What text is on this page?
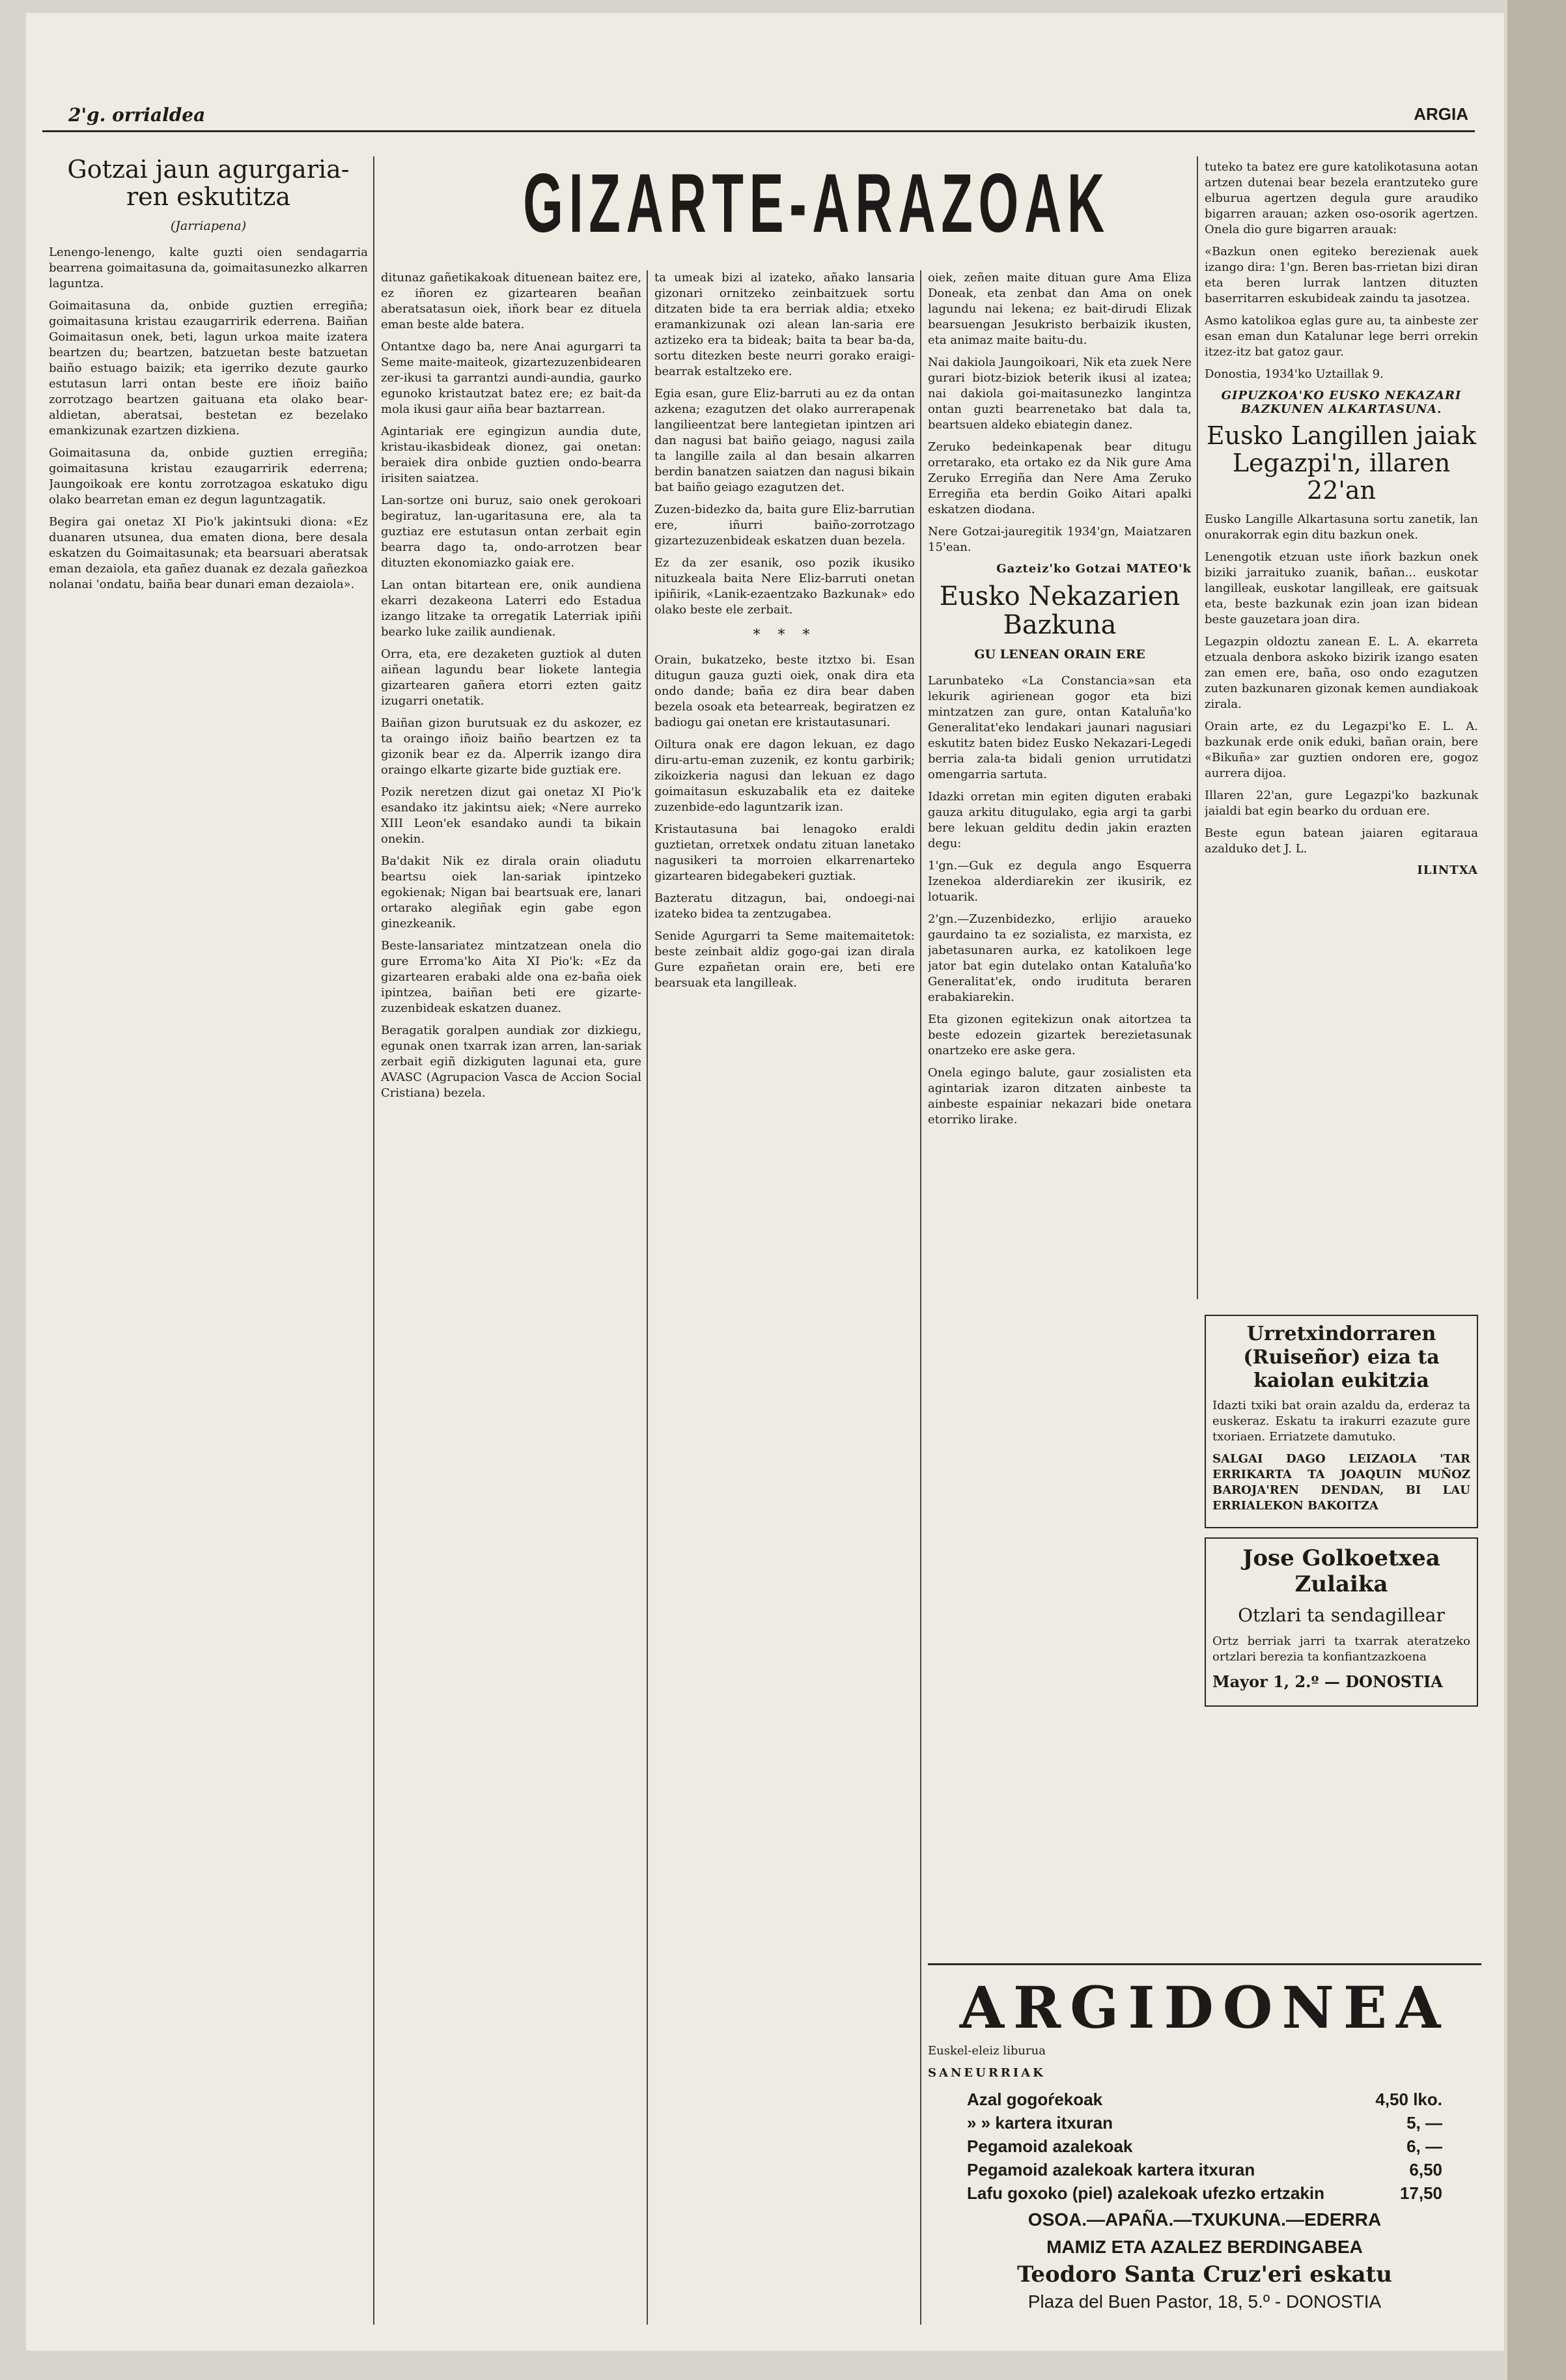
2'g. orrialdea	ARGIA
GIZARTE-ARAZOAK
Gotzai jaun agurgaria-ren eskutitza
(Jarriapena)

Lenengo-lenengo, kalte guzti oien sendagarria bearrena goimaitasuna da, goimaitasunezko alkarren laguntza.

Goimaitasuna da, onbide guztien erregiña; goimaitasuna kristau ezaugarririk ederrena. Baiñan Goimaitasun onek, beti, lagun urkoa maite izatera beartzen du; beartzen, batzuetan beste batzuetan baiño estuago baizik; eta igerriko dezute gaurko estutasun larri ontan beste ere iñoiz baiño zorrotzago beartzen gaituana eta olako bear-aldietan, aberatsai, bestetan ez bezelako emankizunak ezartzen dizkiena.

Goimaitasuna da, onbide guztien erregiña; goimaitasuna kristau ezaugarririk ederrena; Jaungoikoak ere kontu zorrotzagoa eskatuko digu olako bearretan eman ez degun laguntzagatik.

Begira gai onetaz XI Pio'k jakintsuki diona: «Ez duanaren utsunea, dua ematen diona, bere desala eskatzen du Goimaitasunak; eta bearsuari aberatsak eman dezaiola, eta gañez duanak ez dezala gañezkoa nolanai 'ondatu, baiña bear dunari eman dezaiola».

ditunaz gañetikakoak dituenean baitez ere, ez iñoren ez gizartearen beañan aberatsatasun oiek, iñork bear ez dituela eman beste alde batera.

Ontantxe dago ba, nere Anai agurgarri ta Seme maite-maiteok, gizartezuzenbidearen zer-ikusi ta garrantzi aundi-aundia, gaurko egunoko kristautzat batez ere; ez bait-da mola ikusi gaur aiña bear baztarrean.

Agintariak ere egingizun aundia dute, kristau-ikasbideak dionez, gai onetan: beraiek dira onbide guztien ondo-bearra irisiten saiatzea.

Lan-sortze oni buruz, saio onek gerokoari begiratuz, lan-ugaritasuna ere, ala ta guztiaz ere estutasun ontan zerbait egin bearra dago ta, ondo-arrotzen bear dituzten ekonomiazko gaiak ere.

Lan ontan bitartean ere, onik aundiena ekarri dezakeona Laterri edo Estadua izango litzake ta orregatik Laterriak ipiñi bearko luke zailik aundienak.

Orra, eta, ere dezaketen guztiok al duten aiñean lagundu bear liokete lantegia gizartearen gañera etorri ezten gaitz izugarri onetatik.

Baiñan gizon burutsuak ez du askozer, ez ta oraingo iñoiz baiño beartzen ez ta gizonik bear ez da. Alperrik izango dira oraingo elkarte gizarte bide guztiak ere.

Pozik neretzen dizut gai onetaz XI Pio'k esandako itz jakintsu aiek; «Nere aurreko XIII Leon'ek esandako aundi ta bikain onekin.

Ba'dakit Nik ez dirala orain oliadutu beartsu oiek lan-sariak ipintzeko egokienak; Nigan bai beartsuak ere, lanari ortarako alegiñak egin gabe egon ginezkeanik.

Beste-lansariatez mintzatzean onela dio gure Erroma'ko Aita XI Pio'k: «Ez da gizartearen erabaki alde ona ez-baña oiek ipintzea, baiñan beti ere gizarte-zuzenbideak eskatzen duanez.

Beragatik goralpen aundiak zor dizkiegu, egunak onen txarrak izan arren, lan-sariak zerbait egiñ dizkiguten lagunai eta, gure AVASC (Agrupacion Vasca de Accion Social Cristiana) bezela.

ta umeak bizi al izateko, añako lansaria gizonari ornitzeko zeinbaitzuek sortu ditzaten bide ta era berriak aldia; etxeko eramankizunak ozi alean lan-saria ere aztizeko era ta bideak; baita ta bear ba-da, sortu ditezken beste neurri gorako eraigi-bearrak estaltzeko ere.

Egia esan, gure Eliz-barruti au ez da ontan azkena; ezagutzen det olako aurrerapenak langilieentzat bere lantegietan ipintzen ari dan nagusi bat baiño geiago, nagusi zaila ta langille zaila al dan besain alkarren berdin banatzen saiatzen dan nagusi bikain bat baiño geiago ezagutzen det.

Zuzen-bidezko da, baita gure Eliz-barrutian ere, iñurri baiño-zorrotzago gizartezuzenbideak eskatzen duan bezela.

Ez da zer esanik, oso pozik ikusiko nituzkeala baita Nere Eliz-barruti onetan ipiñirik, «Lanik-ezaentzako Bazkunak» edo olako beste ele zerbait.

* * *

Orain, bukatzeko, beste itztxo bi. Esan ditugun gauza guzti oiek, onak dira eta ondo dande; baña ez dira bear daben bezela osoak eta betearreak, begiratzen ez badiogu gai onetan ere kristautasunari.

Oiltura onak ere dagon lekuan, ez dago diru-artu-eman zuzenik, ez kontu garbirik; zikoizkeria nagusi dan lekuan ez dago goimaitasun eskuzabalik eta ez daiteke zuzenbide-edo laguntzarik izan.

Kristautasuna bai lenagoko eraldi guztietan, orretxek ondatu zituan lanetako nagusikeri ta morroien elkarrenarteko gizartearen bidegabekeri guztiak.

Bazteratu ditzagun, bai, ondoegi-nai izateko bidea ta zentzugabea.

Senide Agurgarri ta Seme maitemaitetok: beste zeinbait aldiz gogo-gai izan dirala Gure ezpañetan orain ere, beti ere bearsuak eta langilleak.

oiek, zeñen maite dituan gure Ama Eliza Doneak, eta zenbat dan Ama on onek lagundu nai lekena; ez bait-dirudi Elizak bearsuengan Jesukristo berbaizik ikusten, eta animaz maite baitu-du.

Nai dakiola Jaungoikoari, Nik eta zuek Nere gurari biotz-biziok beterik ikusi al izatea; nai dakiola goi-maitasunezko langintza ontan guzti bearrenetako bat dala ta, beartsuen aldeko ebiategin danez.

Zeruko bedeinkapenak bear ditugu orretarako, eta ortako ez da Nik gure Ama Zeruko Erregiña dan Nere Ama Zeruko Erregiña eta berdin Goiko Aitari apalki eskatzen diodana.

Nere Gotzai-jauregitik 1934'gn, Maiatzaren 15'ean.

Gazteiz'ko Gotzai MATEO'k
Eusko Nekazarien Bazkuna
GU LENEAN ORAIN ERE

Larunbateko «La Constancia»san eta lekurik agirienean gogor eta bizi mintzatzen zan gure, ontan Kataluña'ko Generalitat'eko lendakari jaunari nagusiari eskutitz baten bidez Eusko Nekazari-Legedi berria zala-ta bidali genion urrutidatzi omengarria sartuta.

Idazki orretan min egiten diguten erabaki gauza arkitu ditugulako, egia argi ta garbi bere lekuan gelditu dedin jakin erazten degu:

1'gn.—Guk ez degula ango Esquerra Izenekoa alderdiarekin zer ikusirik, ez lotuarik.

2'gn.—Zuzenbidezko, erlijio araueko gaurdaino ta ez sozialista, ez marxista, ez jabetasunaren aurka, ez katolikoen lege jator bat egin dutelako ontan Kataluña'ko Generalitat'ek, ondo irudituta beraren erabakiarekin.

Eta gizonen egitekizun onak aitortzea ta beste edozein gizartek berezietasunak onartzeko ere aske gera.

Onela egingo balute, gaur zosialisten eta agintariak izaron ditzaten ainbeste ta ainbeste espainiar nekazari bide onetara etorriko lirake.

tuteko ta batez ere gure katolikotasuna aotan artzen dutenai bear bezela erantzuteko gure elburua agertzen degula gure araudiko bigarren arauan; azken oso-osorik agertzen. Onela dio gure bigarren arauak:

«Bazkun onen egiteko berezienak auek izango dira: 1'gn. Beren bas-rrietan bizi diran eta beren lurrak lantzen dituzten baserritarren eskubideak zaindu ta jasotzea.

Asmo katolikoa eglas gure au, ta ainbeste zer esan eman dun Katalunar lege berri orrekin itzez-itz bat gatoz gaur.

Donostia, 1934'ko Uztaillak 9.

GIPUZKOA'KO EUSKO NEKAZARI BAZKUNEN ALKARTASUNA.
Eusko Langillen jaiak Legazpi'n, illaren 22'an

Eusko Langille Alkartasuna sortu zanetik, lan onurakorrak egin ditu bazkun onek.

Lenengotik etzuan uste iñork bazkun onek biziki jarraituko zuanik, bañan... euskotar langilleak, euskotar langilleak, ere gaitsuak eta, beste bazkunak ezin joan izan bidean beste gauzetara joan dira.

Legazpin oldoztu zanean E. L. A. ekarreta etzuala denbora askoko bizirik izango esaten zan emen ere, baña, oso ondo ezagutzen zuten bazkunaren gizonak kemen aundiakoak zirala.

Orain arte, ez du Legazpi'ko E. L. A. bazkunak erde onik eduki, bañan orain, bere «Bikuña» zar guztien ondoren ere, gogoz aurrera dijoa.

Illaren 22'an, gure Legazpi'ko bazkunak jaialdi bat egin bearko du orduan ere.

Beste egun batean jaiaren egitaraua azalduko det J. L.

ILINTXA
Urretxindorraren (Ruiseñor) eiza ta kaiolan eukitzia

Idazti txiki bat orain azaldu da, erderaz ta euskeraz. Eskatu ta irakurri ezazute gure txoriaen. Erriatzete damutuko.

SALGAI DAGO LEIZAOLA 'TAR ERRIKARTA TA JOAQUIN MUÑOZ BAROJA'REN DENDAN, BI LAU ERRIALEKON BAKOITZA

Jose Golkoetxea Zulaika
Otzlari ta sendagillear

Ortz berriak jarri ta txarrak ateratzeko ortzlari berezia ta konfiantzazkoena

Mayor 1, 2.º — DONOSTIA

ARGIDONEA

Euskel-eleiz liburua

SANEURRIAK

Azal gogoŕekoak	4,50 lko.
» » kartera itxuran	5, —
Pegamoid azalekoak	6, —
Pegamoid azalekoak kartera itxuran	6,50
Lafu goxoko (piel) azalekoak ufezko ertzakin	17,50
OSOA.—APAÑA.—TXUKUNA.—EDERRA
MAMIZ ETA AZALEZ BERDINGABEA
Teodoro Santa Cruz'eri eskatu
Plaza del Buen Pastor, 18, 5.º - DONOSTIA
